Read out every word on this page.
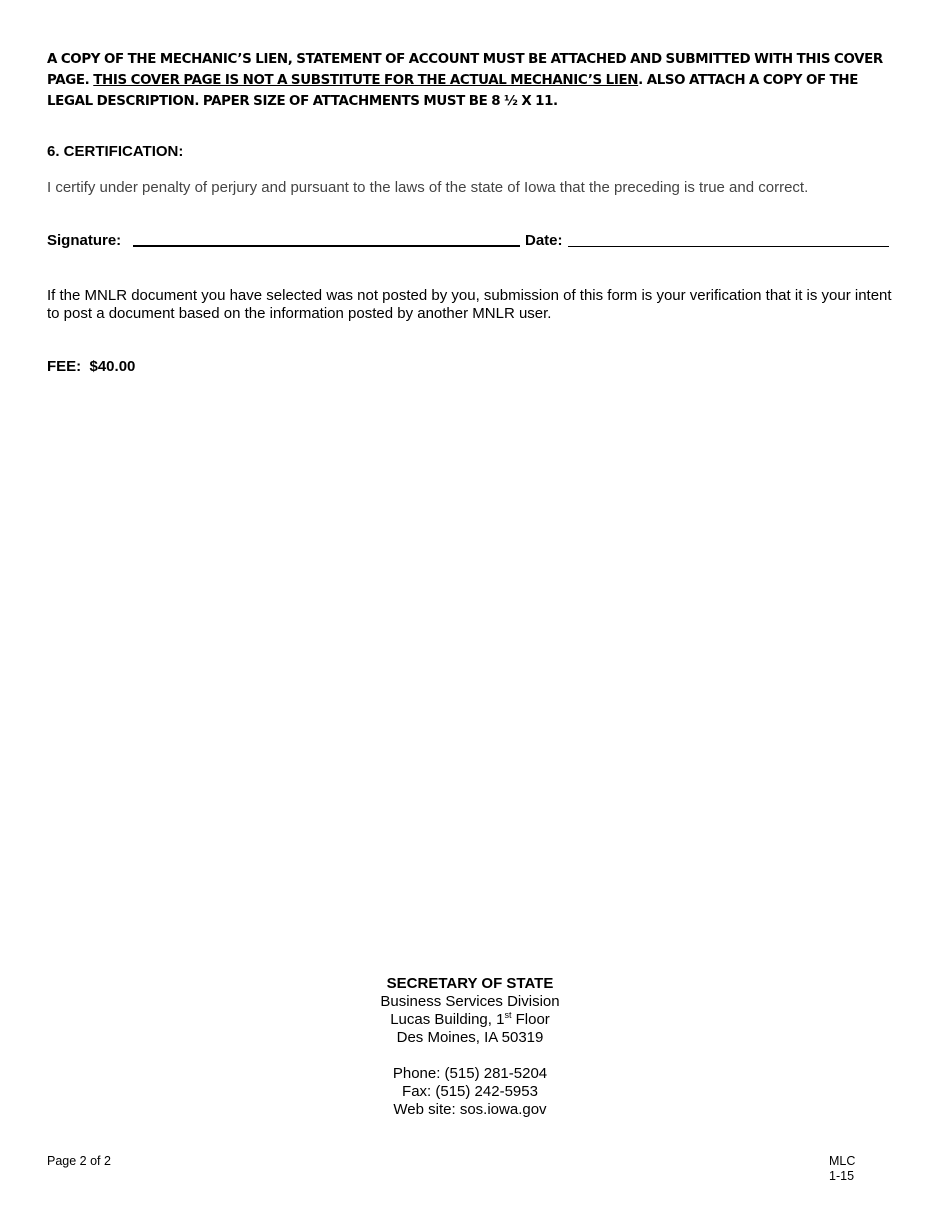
A COPY OF THE MECHANIC’S LIEN, STATEMENT OF ACCOUNT MUST BE ATTACHED AND SUBMITTED WITH THIS COVER PAGE. THIS COVER PAGE IS NOT A SUBSTITUTE FOR THE ACTUAL MECHANIC’S LIEN. ALSO ATTACH A COPY OF THE LEGAL DESCRIPTION. PAPER SIZE OF ATTACHMENTS MUST BE 8 ½ X 11.
6. CERTIFICATION:
I certify under penalty of perjury and pursuant to the laws of the state of Iowa that the preceding is true and correct.
Signature:	Date:
If the MNLR document you have selected was not posted by you, submission of this form is your verification that it is your intent to post a document based on the information posted by another MNLR user.
FEE:  $40.00
SECRETARY OF STATE
Business Services Division
Lucas Building, 1st Floor
Des Moines, IA 50319
Phone: (515) 281-5204
Fax: (515) 242-5953
Web site: sos.iowa.gov
Page 2 of 2	MLC
1-15
